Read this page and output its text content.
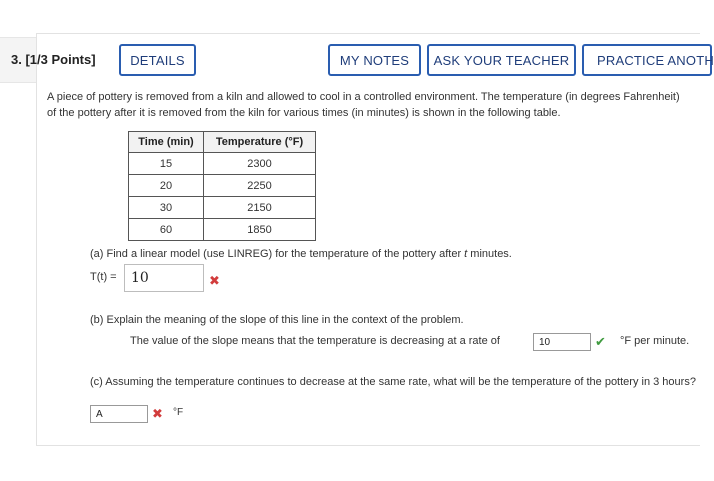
3. [1/3 Points]	DETAILS	MY NOTES	ASK YOUR TEACHER	PRACTICE ANOTH

A piece of pottery is removed from a kiln and allowed to cool in a controlled environment. The temperature (in degrees Fahrenheit) of the pottery after it is removed from the kiln for various times (in minutes) is shown in the following table.

Time (min)	Temperature (°F)
15	2300
20	2250
30	2150
60	1850
(a) Find a linear model (use LINREG) for the temperature of the pottery after t minutes.
T(t) =	10	✖
(b) Explain the meaning of the slope of this line in the context of the problem.
The value of the slope means that the temperature is decreasing at a rate of	10	✔ °F per minute.
(c) Assuming the temperature continues to decrease at the same rate, what will be the temperature of the pottery in 3 hours?
A	✖ °F
